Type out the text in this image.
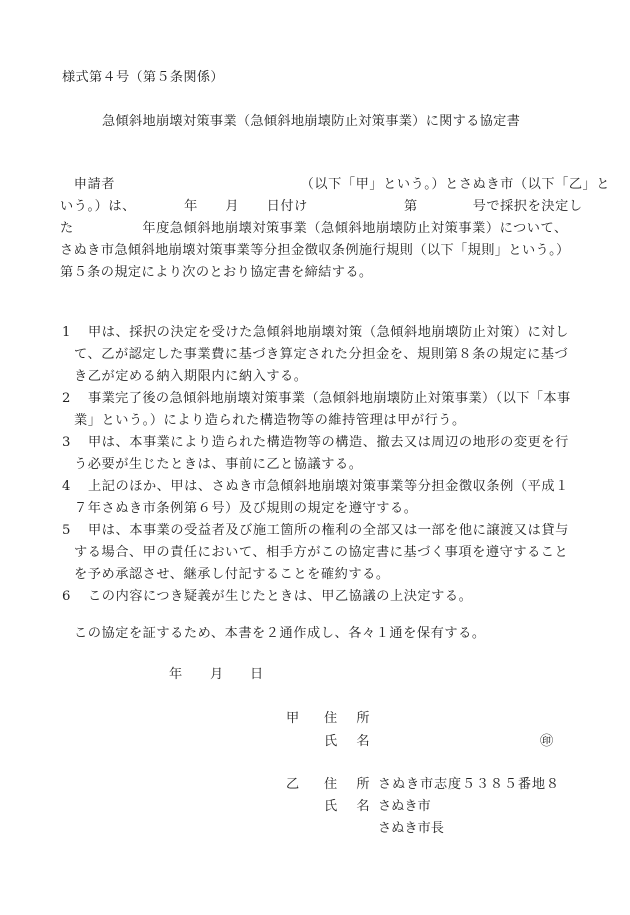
様式第４号（第５条関係）
急傾斜地崩壊対策事業（急傾斜地崩壊防止対策事業）に関する協定書
　申請者　　　　　　　　　　　　　　（以下「甲」という。）とさぬき市（以下「乙」と
いう。）は、　　　　年　　月　　日付け　　　　　　　第　　　　号で採択を決定し
た　　　　　年度急傾斜地崩壊対策事業（急傾斜地崩壊防止対策事業）について、
さぬき市急傾斜地崩壊対策事業等分担金徴収条例施行規則（以下「規則」という。）
第５条の規定により次のとおり協定書を締結する。
1 甲は、採択の決定を受けた急傾斜地崩壊対策（急傾斜地崩壊防止対策）に対し
て、乙が認定した事業費に基づき算定された分担金を、規則第８条の規定に基づ
き乙が定める納入期限内に納入する。
2 事業完了後の急傾斜地崩壊対策事業（急傾斜地崩壊防止対策事業）（以下「本事
業」という。）により造られた構造物等の維持管理は甲が行う。
3 甲は、本事業により造られた構造物等の構造、撤去又は周辺の地形の変更を行
う必要が生じたときは、事前に乙と協議する。
4 上記のほか、甲は、さぬき市急傾斜地崩壊対策事業等分担金徴収条例（平成１
７年さぬき市条例第６号）及び規則の規定を遵守する。
5 甲は、本事業の受益者及び施工箇所の権利の全部又は一部を他に譲渡又は貸与
する場合、甲の責任において、相手方がこの協定書に基づく事項を遵守すること
を予め承認させ、継承し付記することを確約する。
6 この内容につき疑義が生じたときは、甲乙協議の上決定する。
この協定を証するため、本書を２通作成し、各々１通を保有する。
年 月 日
甲 住　所
氏　名	㊞
乙 住　所 さぬき市志度５３８５番地８
氏　名 さぬき市
さぬき市長
